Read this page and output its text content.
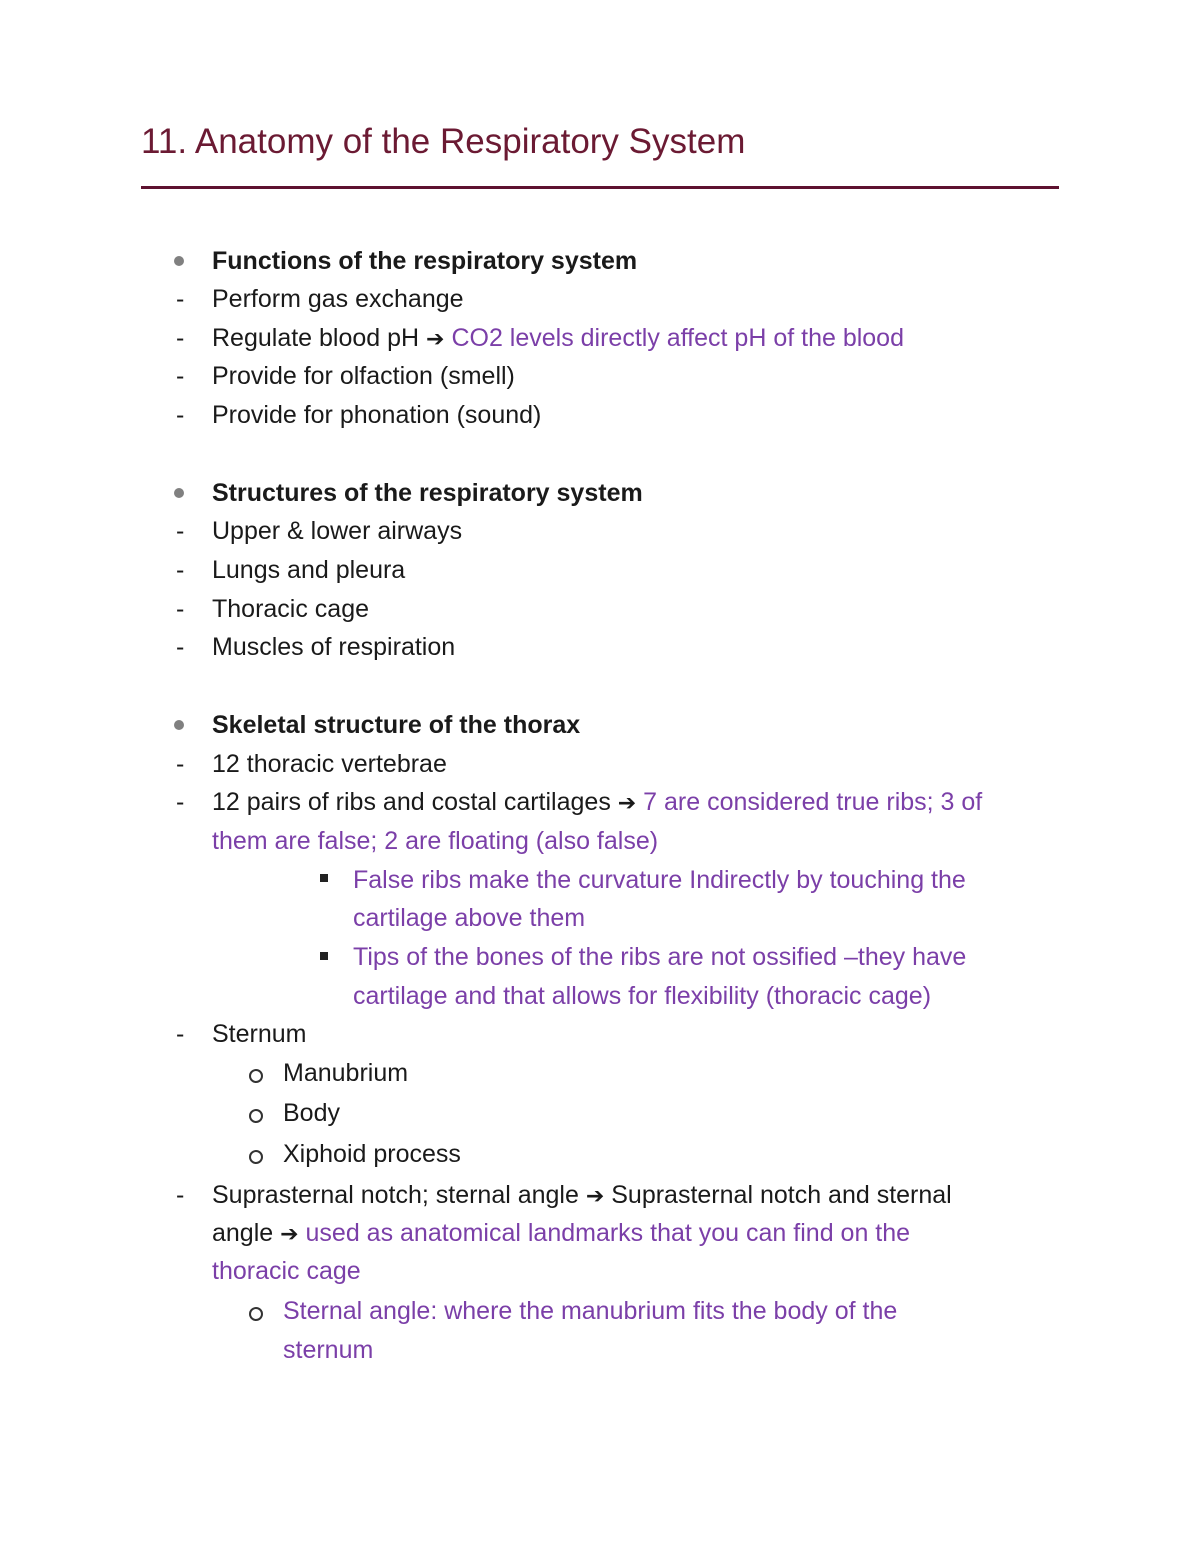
11. Anatomy of the Respiratory System
Functions of the respiratory system
- Perform gas exchange
- Regulate blood pH ➔ CO2 levels directly affect pH of the blood
- Provide for olfaction (smell)
- Provide for phonation (sound)
Structures of the respiratory system
- Upper & lower airways
- Lungs and pleura
- Thoracic cage
- Muscles of respiration
Skeletal structure of the thorax
- 12 thoracic vertebrae
- 12 pairs of ribs and costal cartilages ➔ 7 are considered true ribs; 3 of
them are false; 2 are floating (also false)
False ribs make the curvature Indirectly by touching the
cartilage above them
Tips of the bones of the ribs are not ossified –they have
cartilage and that allows for flexibility (thoracic cage)
- Sternum
Manubrium
Body
Xiphoid process
- Suprasternal notch; sternal angle ➔ Suprasternal notch and sternal
angle ➔ used as anatomical landmarks that you can find on the
thoracic cage
Sternal angle: where the manubrium fits the body of the
sternum
